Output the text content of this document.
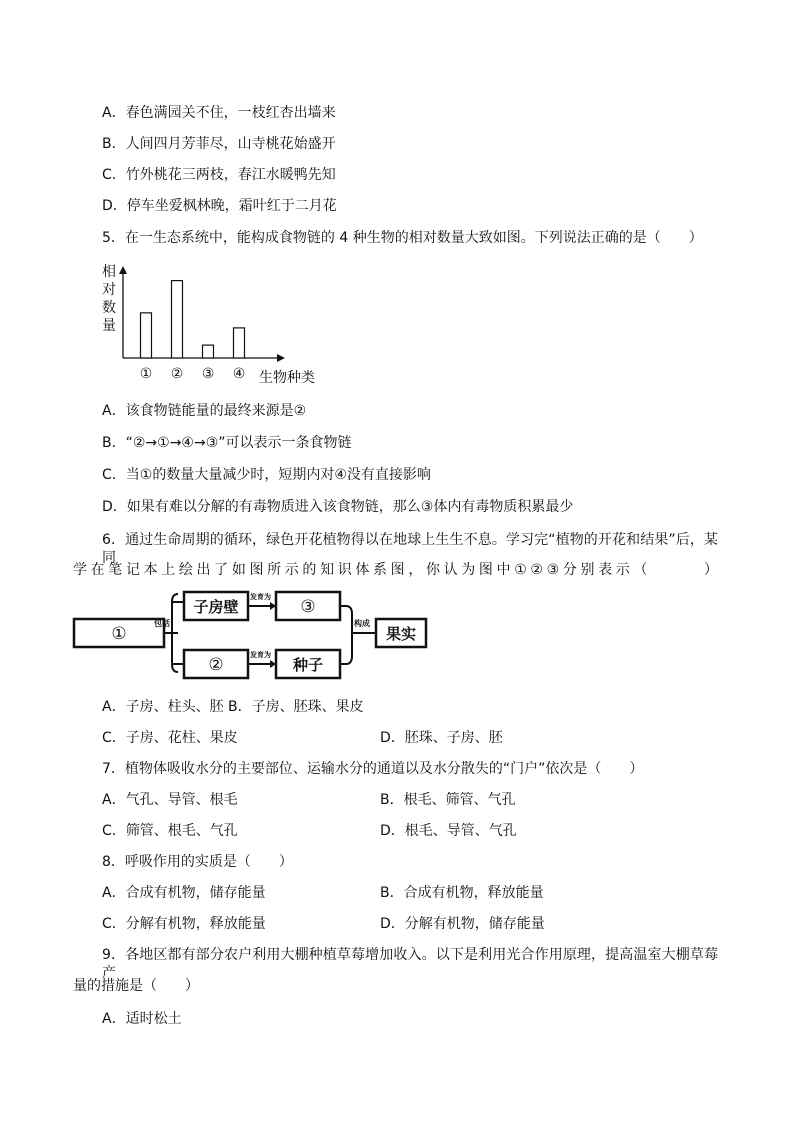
A．春色满园关不住，一枝红杏出墙来
B．人间四月芳菲尽，山寺桃花始盛开
C．竹外桃花三两枝，春江水暖鸭先知
D．停车坐爱枫林晚，霜叶红于二月花
5．在一生态系统中，能构成食物链的 4 种生物的相对数量大致如图。下列说法正确的是（　　）
相对数量
① ② ③ ④ 生物种类
A．该食物链能量的最终来源是②
B．“②→①→④→③”可以表示一条食物链
C．当①的数量大量减少时，短期内对④没有直接影响
D．如果有难以分解的有毒物质进入该食物链，那么③体内有毒物质积累最少
6．通过生命周期的循环，绿色开花植物得以在地球上生生不息。学习完“植物的开花和结果”后，某同
学在笔记本上绘出了如图所示的知识体系图，你认为图中①②③分别表示（　　　）
①
包括
子房壁
发育为 ③
②	发育为
种子
构成
果实
A．子房、柱头、胚 B．子房、胚珠、果皮
C．子房、花柱、果皮	D．胚珠、子房、胚
7．植物体吸收水分的主要部位、运输水分的通道以及水分散失的“门户”依次是（　　）
A．气孔、导管、根毛	B．根毛、筛管、气孔
C．筛管、根毛、气孔	D．根毛、导管、气孔
8．呼吸作用的实质是（　　）
A．合成有机物，储存能量	B．合成有机物，释放能量
C．分解有机物，释放能量	D．分解有机物，储存能量
9．各地区都有部分农户利用大棚种植草莓增加收入。以下是利用光合作用原理，提高温室大棚草莓产
量的措施是（　　）
A．适时松土
